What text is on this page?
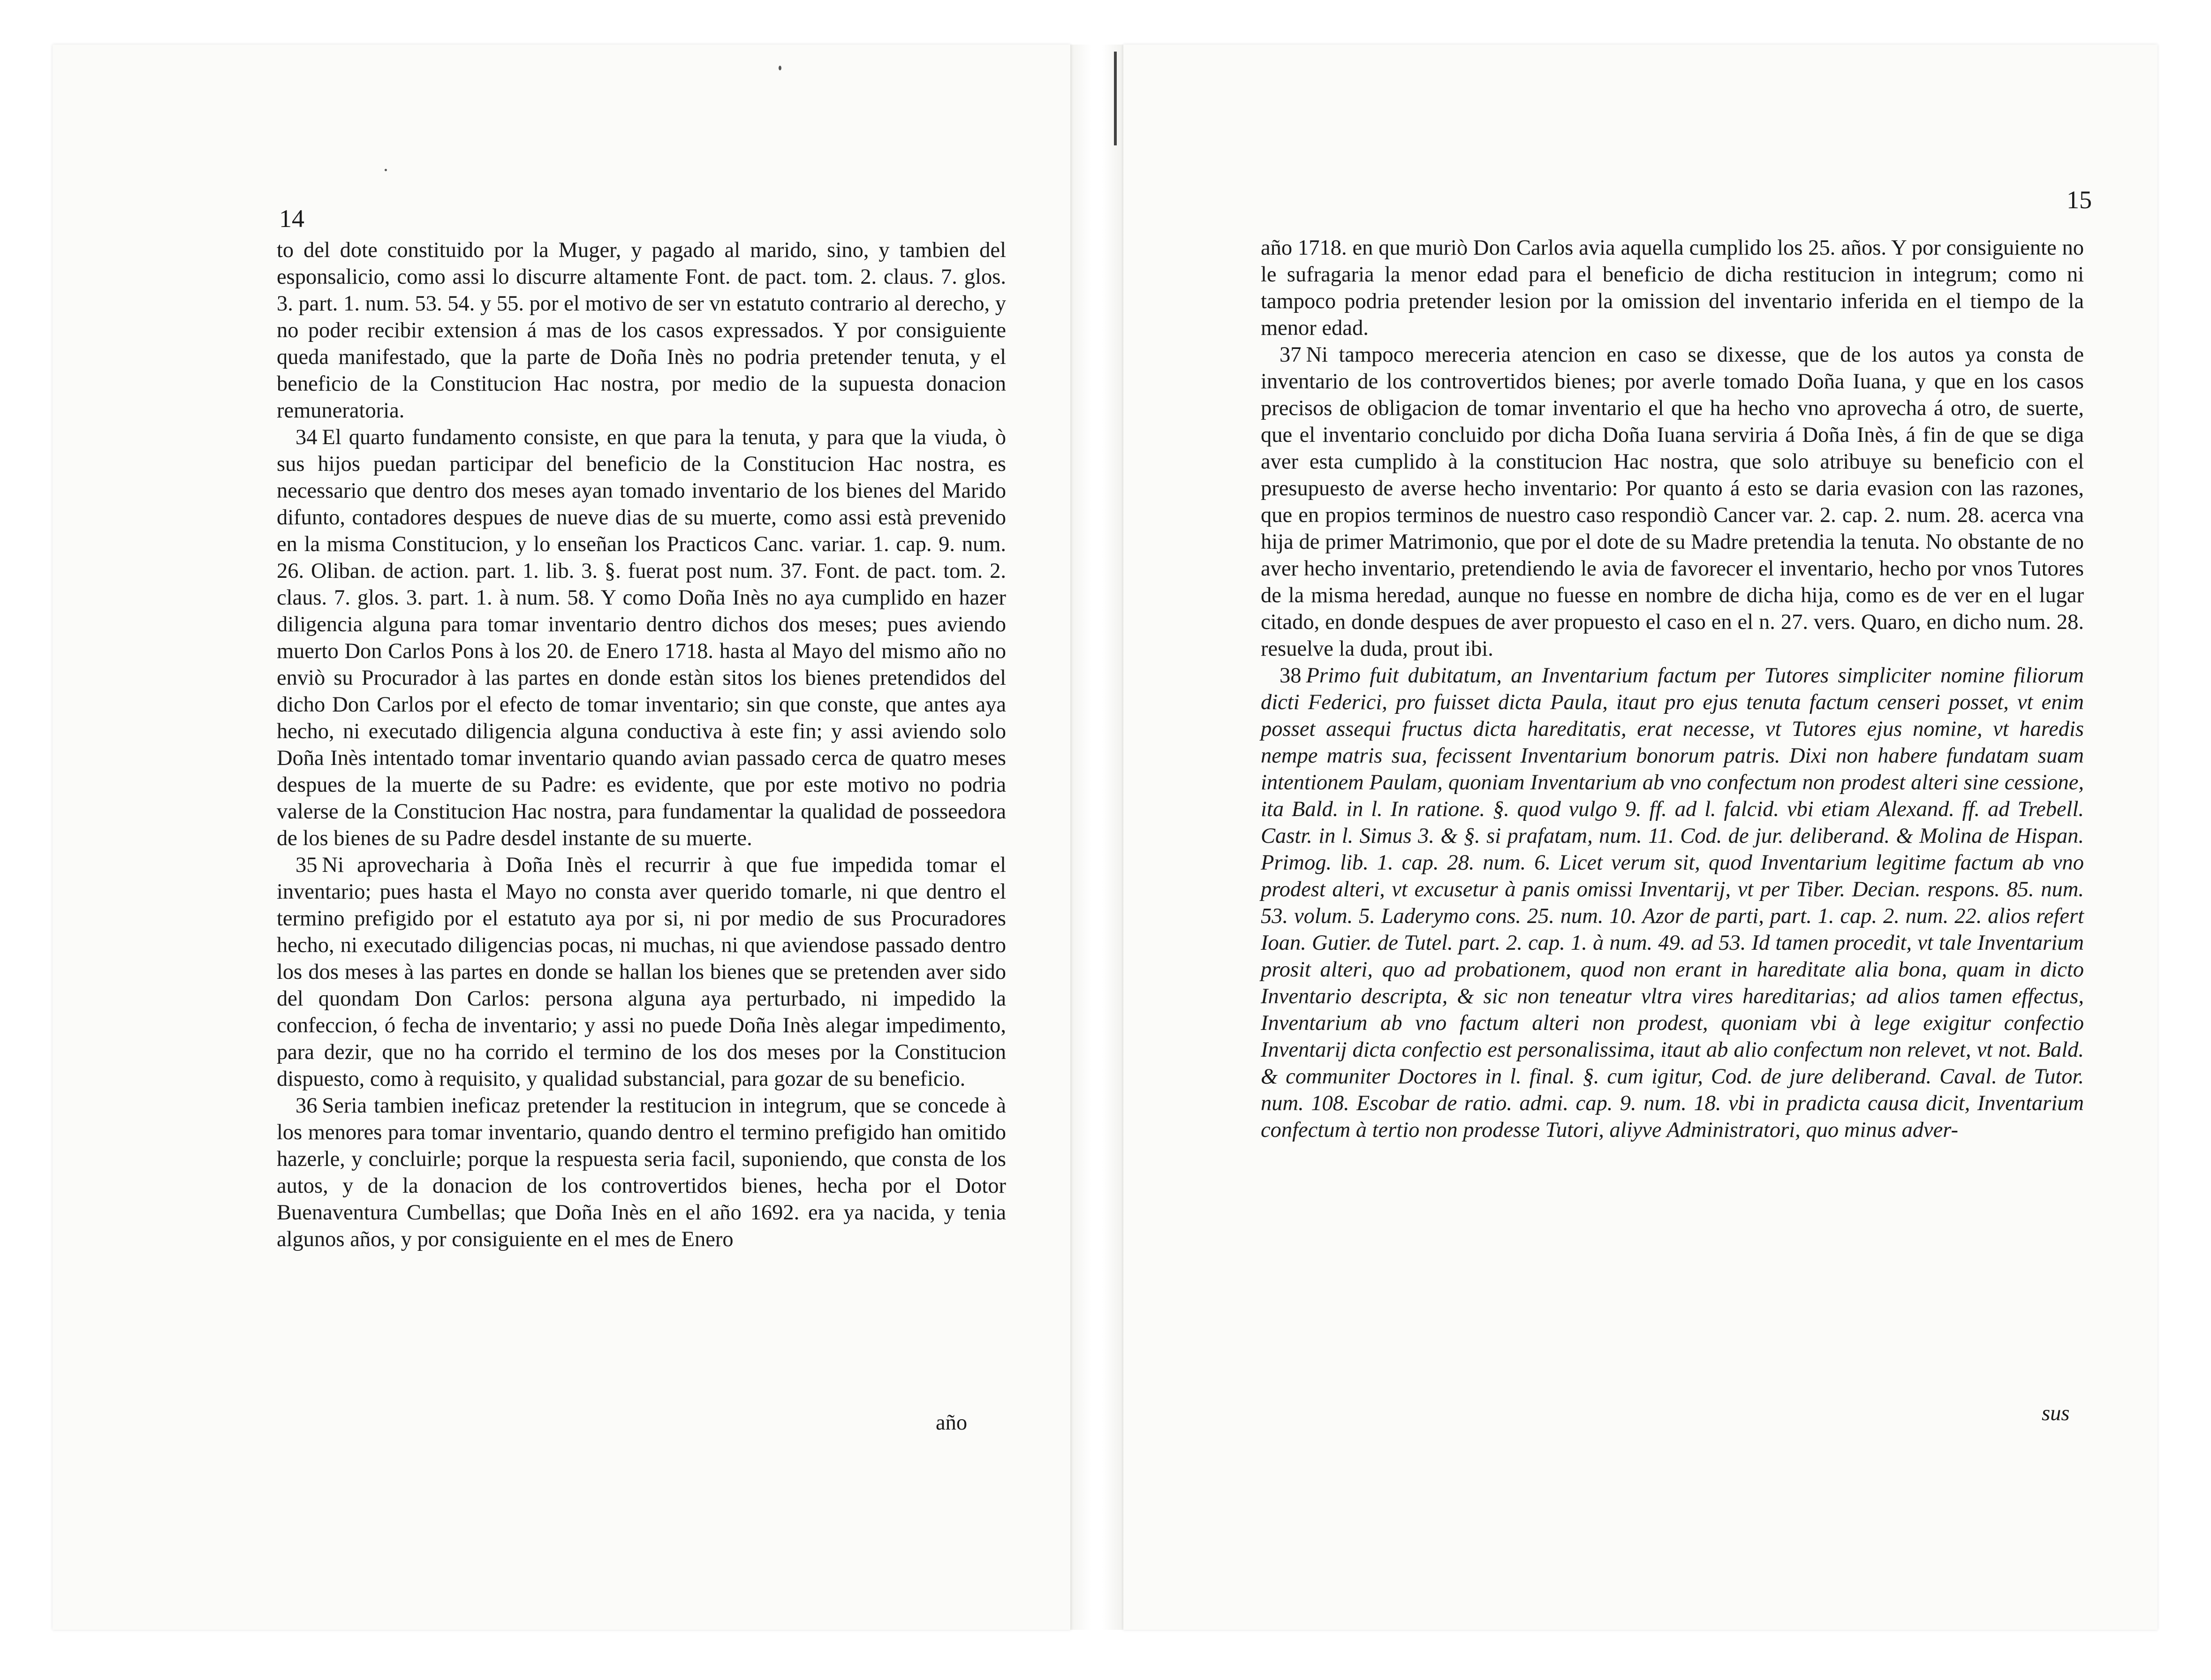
14

to del dote constituido por la Muger, y pagado al marido, sino, y tambien del esponsalicio, como assi lo discurre altamente Font. de pact. tom. 2. claus. 7. glos. 3. part. 1. num. 53. 54. y 55. por el motivo de ser vn estatuto contrario al derecho, y no poder recibir extension á mas de los casos expressados. Y por consiguiente queda manifestado, que la parte de Doña Inès no podria pretender tenuta, y el beneficio de la Constitucion Hac nostra, por medio de la supuesta donacion remuneratoria.

34 El quarto fundamento consiste, en que para la tenuta, y para que la viuda, ò sus hijos puedan participar del beneficio de la Constitucion Hac nostra, es necessario que dentro dos meses ayan tomado inventario de los bienes del Marido difunto, contadores despues de nueve dias de su muerte, como assi està prevenido en la misma Constitucion, y lo enseñan los Practicos Canc. variar. 1. cap. 9. num. 26. Oliban. de action. part. 1. lib. 3. §. fuerat post num. 37. Font. de pact. tom. 2. claus. 7. glos. 3. part. 1. à num. 58. Y como Doña Inès no aya cumplido en hazer diligencia alguna para tomar inventario dentro dichos dos meses; pues aviendo muerto Don Carlos Pons à los 20. de Enero 1718. hasta al Mayo del mismo año no enviò su Procurador à las partes en donde estàn sitos los bienes pretendidos del dicho Don Carlos por el efecto de tomar inventario; sin que conste, que antes aya hecho, ni executado diligencia alguna conductiva à este fin; y assi aviendo solo Doña Inès intentado tomar inventario quando avian passado cerca de quatro meses despues de la muerte de su Padre: es evidente, que por este motivo no podria valerse de la Constitucion Hac nostra, para fundamentar la qualidad de posseedora de los bienes de su Padre desdel instante de su muerte.

35 Ni aprovecharia à Doña Inès el recurrir à que fue impedida tomar el inventario; pues hasta el Mayo no consta aver querido tomarle, ni que dentro el termino prefigido por el estatuto aya por si, ni por medio de sus Procuradores hecho, ni executado diligencias pocas, ni muchas, ni que aviendose passado dentro los dos meses à las partes en donde se hallan los bienes que se pretenden aver sido del quondam Don Carlos: persona alguna aya perturbado, ni impedido la confeccion, ó fecha de inventario; y assi no puede Doña Inès alegar impedimento, para dezir, que no ha corrido el termino de los dos meses por la Constitucion dispuesto, como à requisito, y qualidad substancial, para gozar de su beneficio.

36 Seria tambien ineficaz pretender la restitucion in integrum, que se concede à los menores para tomar inventario, quando dentro el termino prefigido han omitido hazerle, y concluirle; porque la respuesta seria facil, suponiendo, que consta de los autos, y de la donacion de los controvertidos bienes, hecha por el Dotor Buenaventura Cumbellas; que Doña Inès en el año 1692. era ya nacida, y tenia algunos años, y por consiguiente en el mes de Enero

año
15

año 1718. en que muriò Don Carlos avia aquella cumplido los 25. años. Y por consiguiente no le sufragaria la menor edad para el beneficio de dicha restitucion in integrum; como ni tampoco podria pretender lesion por la omission del inventario inferida en el tiempo de la menor edad.

37 Ni tampoco mereceria atencion en caso se dixesse, que de los autos ya consta de inventario de los controvertidos bienes; por averle tomado Doña Iuana, y que en los casos precisos de obligacion de tomar inventario el que ha hecho vno aprovecha á otro, de suerte, que el inventario concluido por dicha Doña Iuana serviria á Doña Inès, á fin de que se diga aver esta cumplido à la constitucion Hac nostra, que solo atribuye su beneficio con el presupuesto de averse hecho inventario: Por quanto á esto se daria evasion con las razones, que en propios terminos de nuestro caso respondiò Cancer var. 2. cap. 2. num. 28. acerca vna hija de primer Matrimonio, que por el dote de su Madre pretendia la tenuta. No obstante de no aver hecho inventario, pretendiendo le avia de favorecer el inventario, hecho por vnos Tutores de la misma heredad, aunque no fuesse en nombre de dicha hija, como es de ver en el lugar citado, en donde despues de aver propuesto el caso en el n. 27. vers. Quaro, en dicho num. 28. resuelve la duda, prout ibi.

38 Primo fuit dubitatum, an Inventarium factum per Tutores simpliciter nomine filiorum dicti Federici, pro fuisset dicta Paula, itaut pro ejus tenuta factum censeri posset, vt enim posset assequi fructus dicta hareditatis, erat necesse, vt Tutores ejus nomine, vt haredis nempe matris sua, fecissent Inventarium bonorum patris. Dixi non habere fundatam suam intentionem Paulam, quoniam Inventarium ab vno confectum non prodest alteri sine cessione, ita Bald. in l. In ratione. §. quod vulgo 9. ff. ad l. falcid. vbi etiam Alexand. ff. ad Trebell. Castr. in l. Simus 3. & §. si prafatam, num. 11. Cod. de jur. deliberand. & Molina de Hispan. Primog. lib. 1. cap. 28. num. 6. Licet verum sit, quod Inventarium legitime factum ab vno prodest alteri, vt excusetur à panis omissi Inventarij, vt per Tiber. Decian. respons. 85. num. 53. volum. 5. Laderymo cons. 25. num. 10. Azor de parti, part. 1. cap. 2. num. 22. alios refert Ioan. Gutier. de Tutel. part. 2. cap. 1. à num. 49. ad 53. Id tamen procedit, vt tale Inventarium prosit alteri, quo ad probationem, quod non erant in hareditate alia bona, quam in dicto Inventario descripta, & sic non teneatur vltra vires hareditarias; ad alios tamen effectus, Inventarium ab vno factum alteri non prodest, quoniam vbi à lege exigitur confectio Inventarij dicta confectio est personalissima, itaut ab alio confectum non relevet, vt not. Bald. & communiter Doctores in l. final. §. cum igitur, Cod. de jure deliberand. Caval. de Tutor. num. 108. Escobar de ratio. admi. cap. 9. num. 18. vbi in pradicta causa dicit, Inventarium confectum à tertio non prodesse Tutori, aliyve Administratori, quo minus adver-

sus
